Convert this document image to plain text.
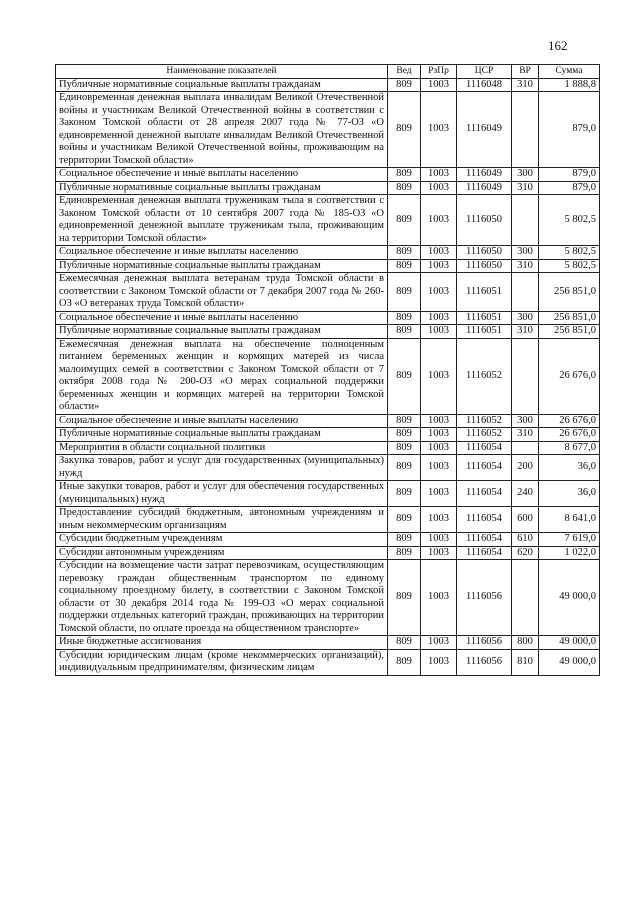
162
Наименование показателей	Вед	РзПр	ЦСР	ВР	Сумма
Публичные нормативные социальные выплаты гражданам	809	1003	1116048	310	1 888,8
Единовременная денежная выплата инвалидам Великой Отечественной войны и участникам Великой Отечественной войны в соответствии с Законом Томской области от 28 апреля 2007 года № 77-ОЗ «О единовременной денежной выплате инвалидам Великой Отечественной войны и участникам Великой Отечественной войны, проживающим на территории Томской области»	809	1003	1116049		879,0
Социальное обеспечение и иные выплаты населению	809	1003	1116049	300	879,0
Публичные нормативные социальные выплаты гражданам	809	1003	1116049	310	879,0
Единовременная денежная выплата труженикам тыла в соответствии с Законом Томской области от 10 сентября 2007 года № 185-ОЗ «О единовременной денежной выплате труженикам тыла, проживающим на территории Томской области»	809	1003	1116050		5 802,5
Социальное обеспечение и иные выплаты населению	809	1003	1116050	300	5 802,5
Публичные нормативные социальные выплаты гражданам	809	1003	1116050	310	5 802,5
Ежемесячная денежная выплата ветеранам труда Томской области в соответствии с Законом Томской области от 7 декабря 2007 года № 260-ОЗ «О ветеранах труда Томской области»	809	1003	1116051		256 851,0
Социальное обеспечение и иные выплаты населению	809	1003	1116051	300	256 851,0
Публичные нормативные социальные выплаты гражданам	809	1003	1116051	310	256 851,0
Ежемесячная денежная выплата на обеспечение полноценным питанием беременных женщин и кормящих матерей из числа малоимущих семей в соответствии с Законом Томской области от 7 октября 2008 года № 200-ОЗ «О мерах социальной поддержки беременных женщин и кормящих матерей на территории Томской области»	809	1003	1116052		26 676,0
Социальное обеспечение и иные выплаты населению	809	1003	1116052	300	26 676,0
Публичные нормативные социальные выплаты гражданам	809	1003	1116052	310	26 676,0
Мероприятия в области социальной политики	809	1003	1116054		8 677,0
Закупка товаров, работ и услуг для государственных (муниципальных) нужд	809	1003	1116054	200	36,0
Иные закупки товаров, работ и услуг для обеспечения государственных (муниципальных) нужд	809	1003	1116054	240	36,0
Предоставление субсидий бюджетным, автономным учреждениям и иным некоммерческим организациям	809	1003	1116054	600	8 641,0
Субсидии бюджетным учреждениям	809	1003	1116054	610	7 619,0
Субсидии автономным учреждениям	809	1003	1116054	620	1 022,0
Субсидии на возмещение части затрат перевозчикам, осуществляющим перевозку граждан общественным транспортом по единому социальному проездному билету, в соответствии с Законом Томской области от 30 декабря 2014 года № 199-ОЗ «О мерах социальной поддержки отдельных категорий граждан, проживающих на территории Томской области, по оплате проезда на общественном транспорте»	809	1003	1116056		49 000,0
Иные бюджетные ассигнования	809	1003	1116056	800	49 000,0
Субсидии юридическим лицам (кроме некоммерческих организаций), индивидуальным предпринимателям, физическим лицам	809	1003	1116056	810	49 000,0
